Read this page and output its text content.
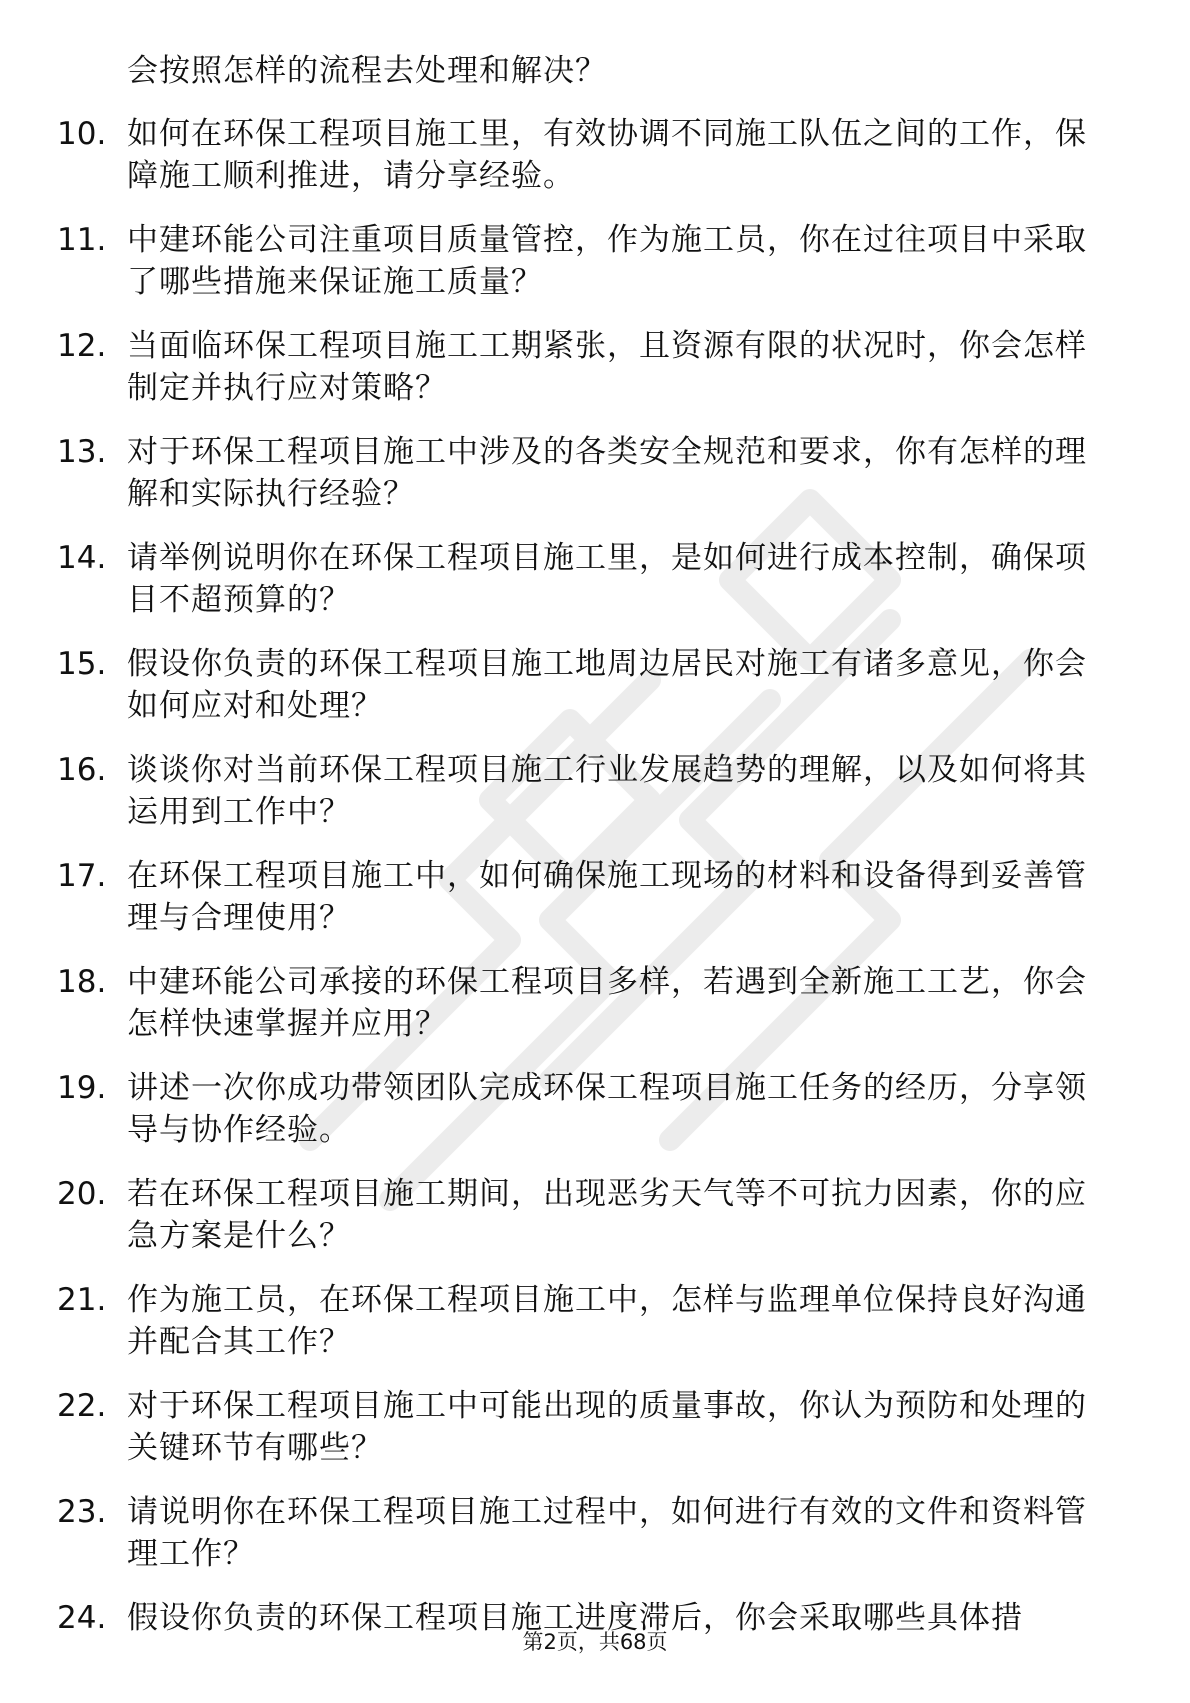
会按照怎样的流程去处理和解决？
10. 如何在环保工程项目施工里，有效协调不同施工队伍之间的工作，保障施工顺利推进，请分享经验。
11. 中建环能公司注重项目质量管控，作为施工员，你在过往项目中采取了哪些措施来保证施工质量？
12. 当面临环保工程项目施工工期紧张，且资源有限的状况时，你会怎样制定并执行应对策略？
13. 对于环保工程项目施工中涉及的各类安全规范和要求，你有怎样的理解和实际执行经验？
14. 请举例说明你在环保工程项目施工里，是如何进行成本控制，确保项目不超预算的？
15. 假设你负责的环保工程项目施工地周边居民对施工有诸多意见，你会如何应对和处理？
16. 谈谈你对当前环保工程项目施工行业发展趋势的理解，以及如何将其运用到工作中？
17. 在环保工程项目施工中，如何确保施工现场的材料和设备得到妥善管理与合理使用？
18. 中建环能公司承接的环保工程项目多样，若遇到全新施工工艺，你会怎样快速掌握并应用？
19. 讲述一次你成功带领团队完成环保工程项目施工任务的经历，分享领导与协作经验。
20. 若在环保工程项目施工期间，出现恶劣天气等不可抗力因素，你的应急方案是什么？
21. 作为施工员，在环保工程项目施工中，怎样与监理单位保持良好沟通并配合其工作？
22. 对于环保工程项目施工中可能出现的质量事故，你认为预防和处理的关键环节有哪些？
23. 请说明你在环保工程项目施工过程中，如何进行有效的文件和资料管理工作？
24. 假设你负责的环保工程项目施工进度滞后，你会采取哪些具体措
第2页，共68页
